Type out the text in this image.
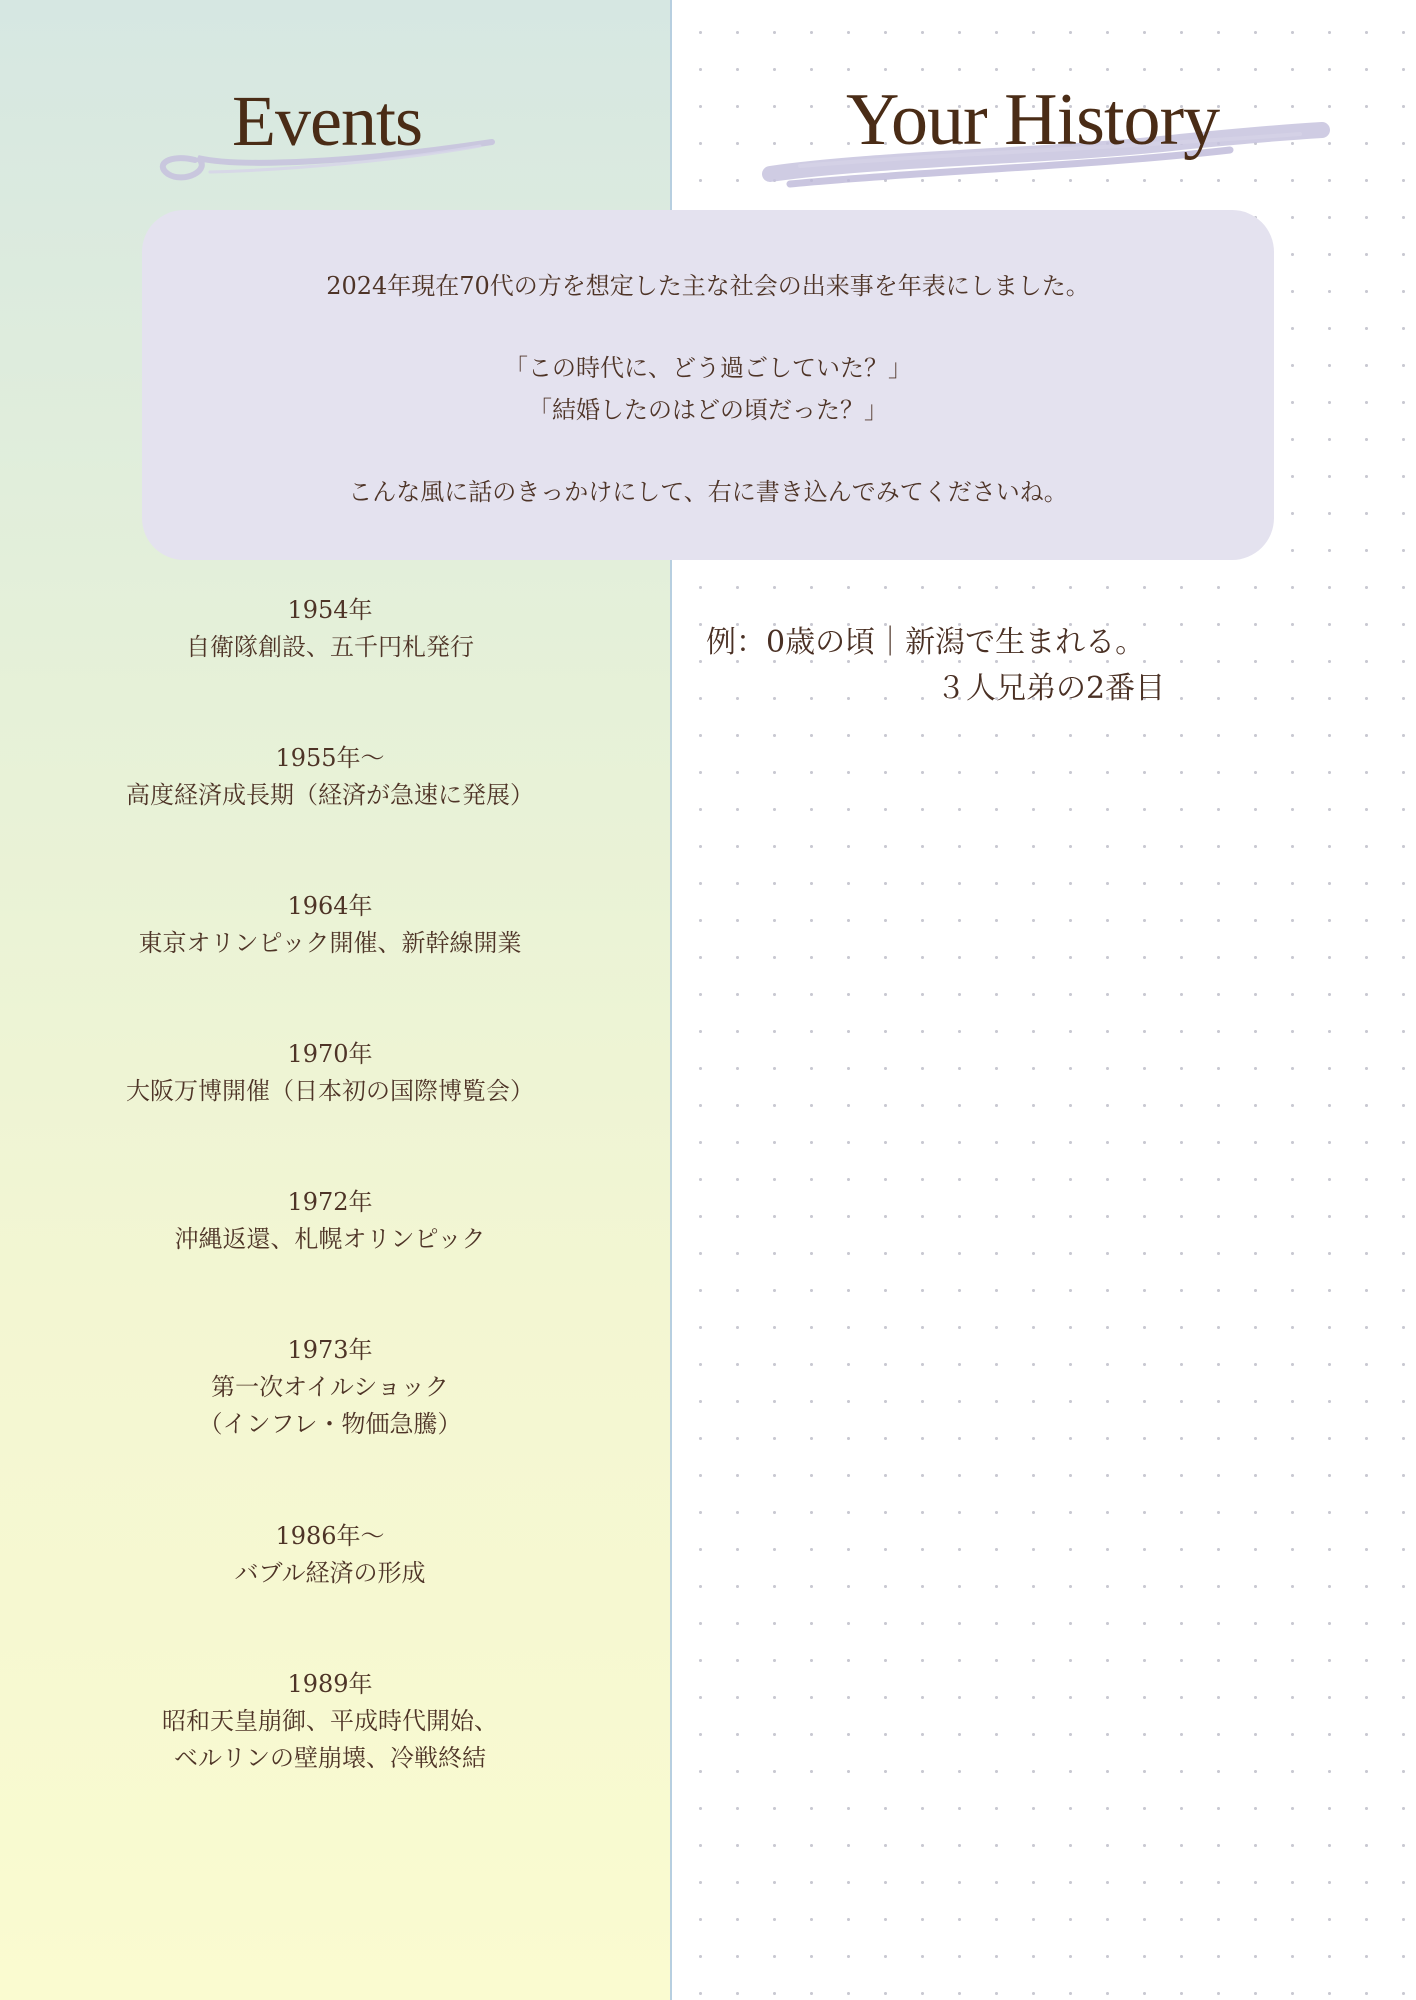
Events	Your History
2024年現在70代の方を想定した主な社会の出来事を年表にしました。
「この時代に、どう過ごしていた？」
「結婚したのはどの頃だった？」
こんな風に話のきっかけにして、右に書き込んでみてくださいね。
1954年
自衛隊創設、五千円札発行
1955年～
高度経済成長期（経済が急速に発展）
1964年
東京オリンピック開催、新幹線開業
1970年
大阪万博開催（日本初の国際博覧会）
1972年
沖縄返還、札幌オリンピック
1973年
第一次オイルショック
（インフレ・物価急騰）
1986年～
バブル経済の形成
1989年
昭和天皇崩御、平成時代開始、
ベルリンの壁崩壊、冷戦終結
例：0歳の頃｜新潟で生まれる。
３人兄弟の2番目
